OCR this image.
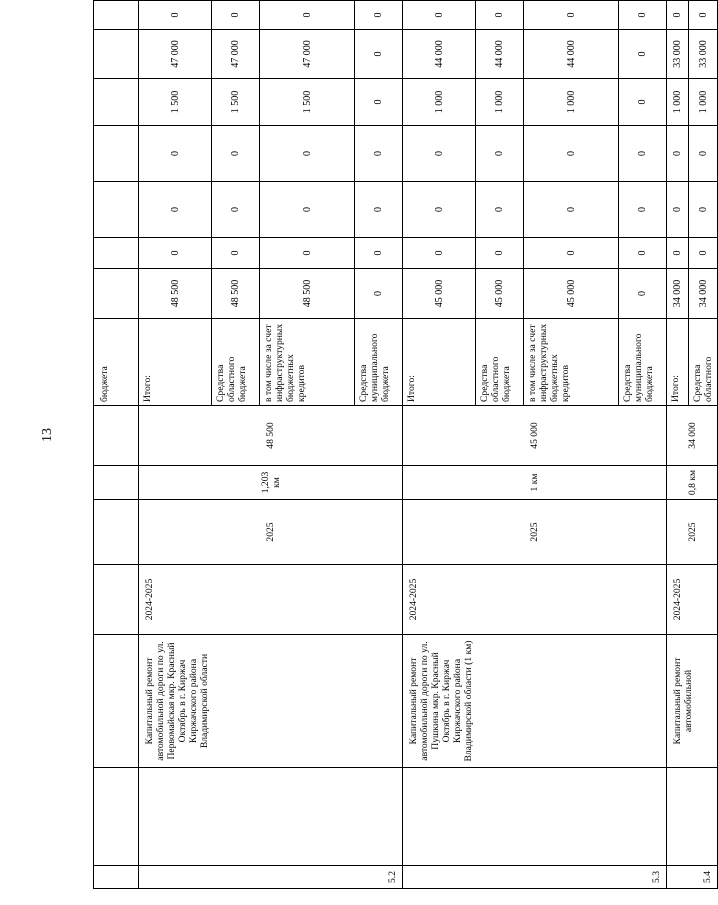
13
							бюджета								
5.2		Капитальный ремонт автомобильной дороги по ул. Первомайская мкр. Красный Октябрь в г. Киржач Киржачского района Владимирской области	2024-2025	2025	1,203 км	48 500	Итого:	48 500	0	0	0	1 500	47 000	0	
							Средства областного бюджета	48 500	0	0	0	1 500	47 000	0	
							в том числе за счет инфраструктурных бюджетных кредитов	48 500	0	0	0	1 500	47 000	0	
							Средства муниципального бюджета	0	0	0	0	0	0	0	
5.3		Капитальный ремонт автомобильной дороги по ул. Пушкина мкр. Красный Октябрь в г. Киржач Киржачского района Владимирской области (1 км)	2024-2025	2025	1 км	45 000	Итого:	45 000	0	0	0	1 000	44 000	0	
							Средства областного бюджета	45 000	0	0	0	1 000	44 000	0	
							в том числе за счет инфраструктурных бюджетных кредитов	45 000	0	0	0	1 000	44 000	0	
							Средства муниципального бюджета	0	0	0	0	0	0	0	
5.4		Капитальный ремонт автомобильной	2024-2025	2025	0,8 км	34 000	Итого:	34 000	0	0	0	1 000	33 000	0	
							Средства областного	34 000	0	0	0	1 000	33 000	0	
